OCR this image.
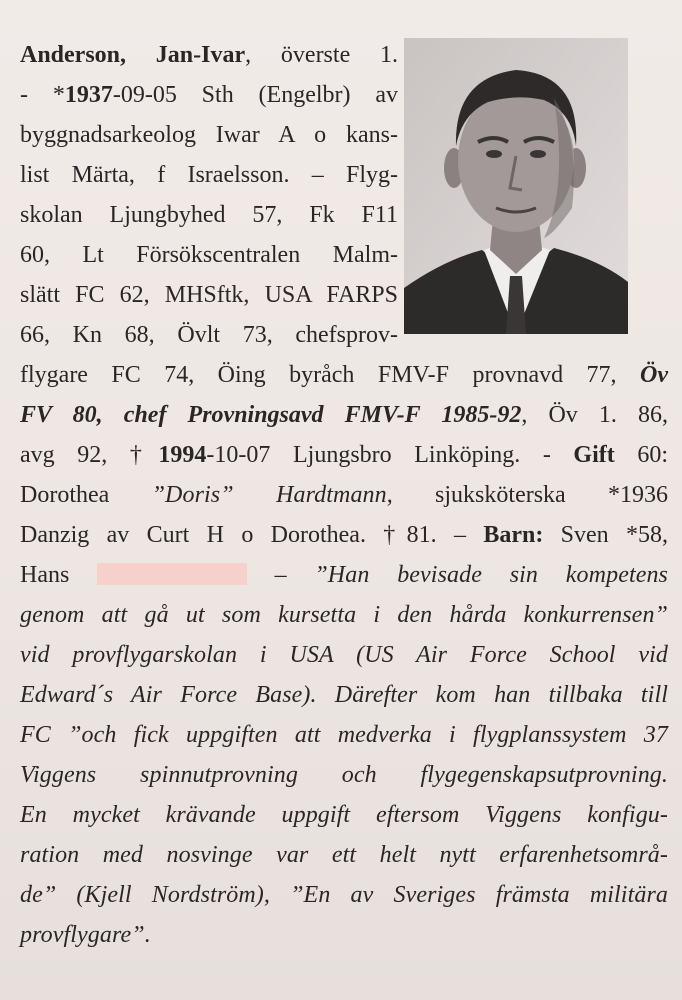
Anderson, Jan-Ivar, överste 1.
- *1937-09-05 Sth (Engelbr) av
byggnadsarkeolog Iwar A o kans-
list Märta, f Israelsson. – Flyg-
skolan Ljungbyhed 57, Fk F11
60, Lt Försökscentralen Malm-
slätt FC 62, MHSftk, USA FARPS
66, Kn 68, Övlt 73, chefsprov-
flygare FC 74, Öing byråch FMV-F provnavd 77, Öv
FV 80, chef Provningsavd FMV-F 1985-92, Öv 1. 86,
avg 92, †1994-10-07 Ljungsbro Linköping. - Gift 60:
Dorothea ”Doris” Hardtmann, sjuksköterska *1936
Danzig av Curt H o Dorothea. †81. – Barn: Sven *58,
Hans	– ”Han bevisade sin kompetens
genom att gå ut som kursetta i den hårda konkurrensen”
vid provflygarskolan i USA (US Air Force School vid
Edward´s Air Force Base). Därefter kom han tillbaka till
FC ”och fick uppgiften att medverka i flygplanssystem 37
Viggens spinnutprovning och flygegenskapsutprovning.
En mycket krävande uppgift eftersom Viggens konfigu-
ration med nosvinge var ett helt nytt erfarenhetsområ-
de” (Kjell Nordström), ”En av Sveriges främsta militära
provflygare”.
